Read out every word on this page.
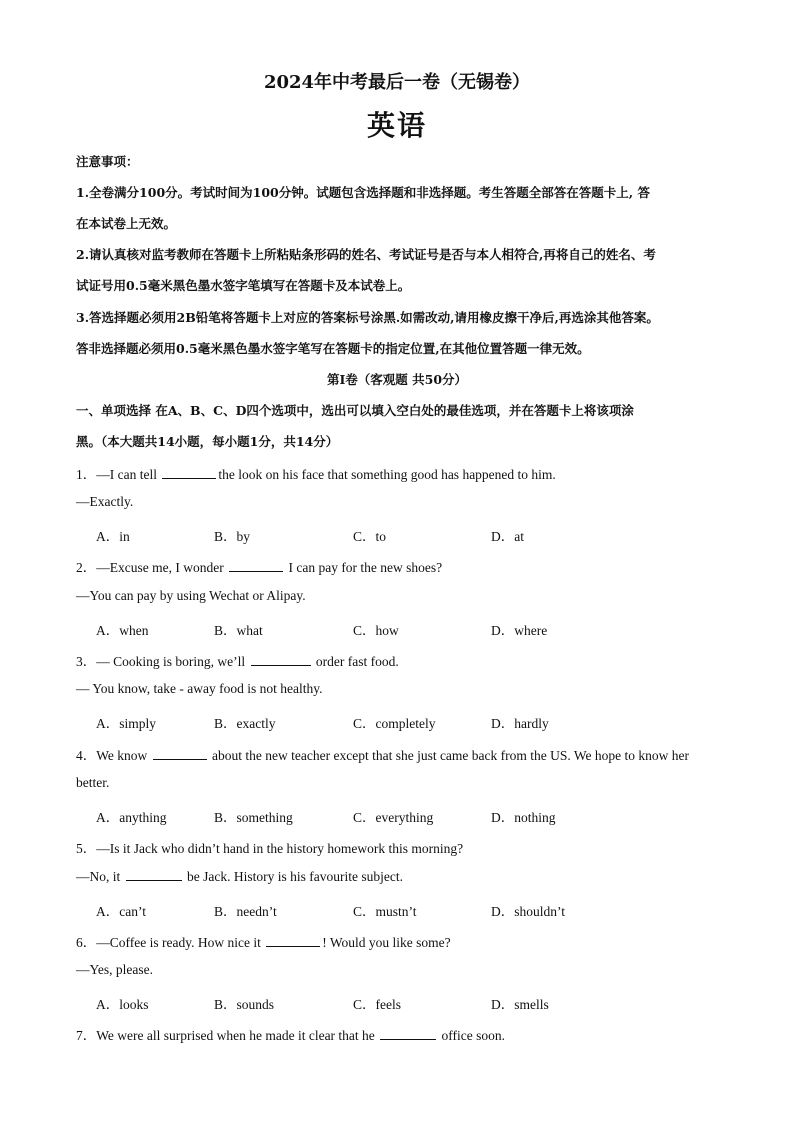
2024年中考最后一卷（无锡卷）
英语
注意事项：
1.全卷满分100分。考试时间为100分钟。试题包含选择题和非选择题。考生答题全部答在答题卡上, 答
在本试卷上无效。
2.请认真核对监考教师在答题卡上所粘贴条形码的姓名、考试证号是否与本人相符合,再将自己的姓名、考
试证号用0.5毫米黑色墨水签字笔填写在答题卡及本试卷上。
3.答选择题必须用2B铅笔将答题卡上对应的答案标号涂黑.如需改动,请用橡皮擦干净后,再选涂其他答案。
答非选择题必须用0.5毫米黑色墨水签字笔写在答题卡的指定位置,在其他位置答题一律无效。
第I卷（客观题 共50分）
一、单项选择 在A、B、C、D四个选项中，选出可以填入空白处的最佳选项，并在答题卡上将该项涂
黑。（本大题共14小题，每小题1分，共14分）
1．—I can tell	the look on his face that something good has happened to him.
—Exactly.
A．in	B．by	C．to	D．at
2．—Excuse me, I wonder	I can pay for the new shoes?
—You can pay by using Wechat or Alipay.
A．when	B．what	C．how	D．where
3．— Cooking is boring, we’ll	order fast food.
— You know, take - away food is not healthy.
A．simply	B．exactly	C．completely	D．hardly
4．We know	about the new teacher except that she just came back from the US. We hope to know her
better.
A．anything	B．something	C．everything	D．nothing
5．—Is it Jack who didn’t hand in the history homework this morning?
—No, it	be Jack. History is his favourite subject.
A．can’t	B．needn’t	C．mustn’t	D．shouldn’t
6．—Coffee is ready. How nice it	! Would you like some?
—Yes, please.
A．looks	B．sounds	C．feels	D．smells
7．We were all surprised when he made it clear that he	office soon.
